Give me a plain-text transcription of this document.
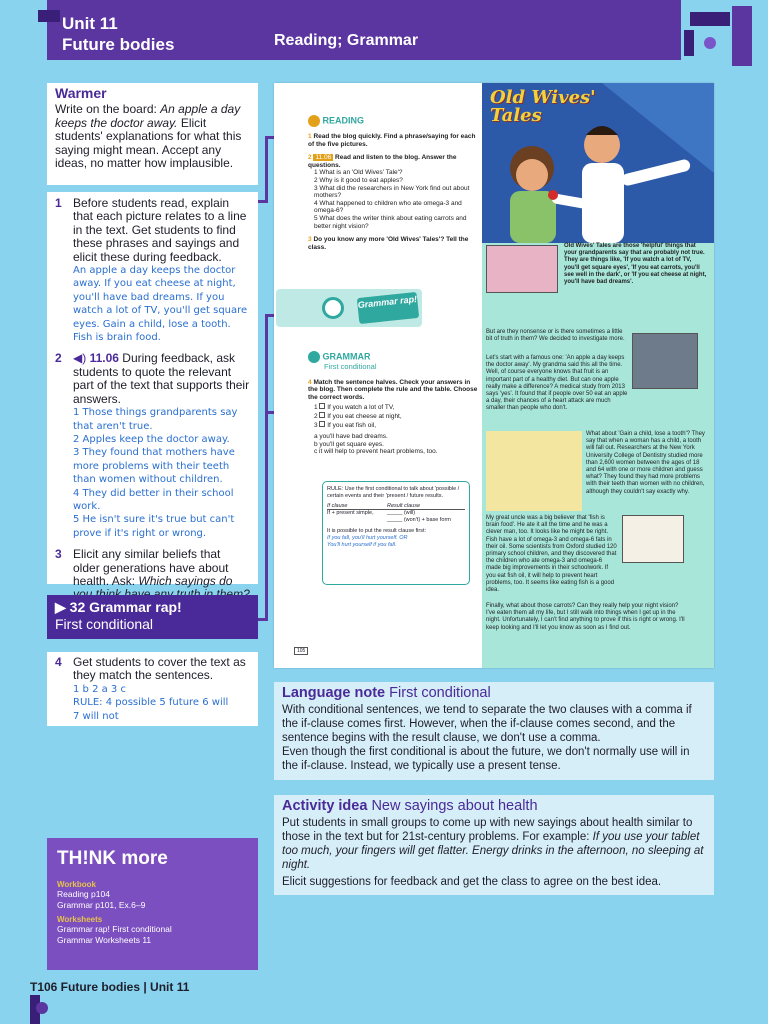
Unit 11
Future bodies	Reading; Grammar
Warmer
Write on the board: An apple a day keeps the doctor away. Elicit students' explanations for what this saying might mean. Accept any ideas, no matter how implausible.
1 Before students read, explain that each picture relates to a line in the text. Get students to find these phrases and sayings and elicit these during feedback.
An apple a day keeps the doctor away. If you eat cheese at night, you'll have bad dreams. If you watch a lot of TV, you'll get square eyes. Gain a child, lose a tooth. Fish is brain food.
2 ◀) 11.06 During feedback, ask students to quote the relevant part of the text that supports their answers.
1 Those things grandparents say that aren't true.
2 Apples keep the doctor away.
3 They found that mothers have more problems with their teeth than women without children.
4 They did better in their school work.
5 He isn't sure it's true but can't prove if it's right or wrong.
3 Elicit any similar beliefs that older generations have about health. Ask: Which sayings do
▶ 32 Grammar rap!
First conditional
4 Get students to cover the text as they match the sentences.
1 b 2 a 3 c
RULE: 4 possible 5 future 6 will
7 will not
TH!NK more
Workbook
Reading p104
Grammar p101, Ex.6–9
Worksheets
Grammar rap! First conditional
Grammar Worksheets 11
T106 Future bodies | Unit 11
READING
1 Read the blog quickly. Find a phrase/saying for each of the five pictures.
2 11.06 Read and listen to the blog. Answer the questions.
1 What is an 'Old Wives' Tale'?
2 Why is it good to eat apples?
3 What did the researchers in New York find out about mothers?
4 What happened to children who ate omega-3 and omega-6?
5 What does the writer think about eating carrots and better night vision?
3 Do you know any more 'Old Wives' Tales'? Tell the class.
Grammar rap!
GRAMMAR
First conditional
4 Match the sentence halves. Check your answers in the blog. Then complete the rule and the table. Choose the correct words.
1  If you watch a lot of TV,
2  If you eat cheese at night,
3  If you eat fish oil,
a you'll have bad dreams.
b you'll get square eyes.
c it will help to prevent heart problems, too.
RULE: Use the first conditional to talk about 'possible / certain events and their 'present / future results.
If clause	Result clause
If + present simple,	_____ (will)
_____ (won't) + base form
It is possible to put the result clause first:
If you fall, you'll hurt yourself. OR
You'll hurt yourself if you fall.
105
Old Wives' Tales
Old Wives' Tales are those 'helpful' things that your grandparents say that are probably not true. They are things like, 'If you watch a lot of TV, you'll get square eyes', 'If you eat carrots, you'll see well in the dark', or 'If you eat cheese at night, you'll have bad dreams'.
But are they nonsense or is there sometimes a little bit of truth in them? We decided to investigate more.
Let's start with a famous one: 'An apple a day keeps the doctor away'. My grandma said this all the time. Well, of course everyone knows that fruit is an important part of a healthy diet. But can one apple really make a difference? A medical study from 2013 says 'yes'. It found that if people over 50 eat an apple a day, their chances of a heart attack are much smaller than people who don't.
What about 'Gain a child, lose a tooth'? They say that when a woman has a child, a tooth will fall out. Researchers at the New York University College of Dentistry studied more than 2,600 women between the ages of 18 and 64 with one or more children and guess what? They found they had more problems with their teeth than women with no children, although they couldn't say exactly why.
My great uncle was a big believer that 'fish is brain food'. He ate it all the time and he was a clever man, too. It looks like he might be right. Fish have a lot of omega-3 and omega-6 fats in their oil. Some scientists from Oxford studied 120 primary school children, and they discovered that the children who ate omega-3 and omega-6 made big improvements in their schoolwork. If you eat fish oil, it will help to prevent heart problems, too. It seems like eating fish is a good idea.
Finally, what about those carrots? Can they really help your night vision? I've eaten them all my life, but I still walk into things when I get up in the night. Unfortunately, I can't find anything to prove if this is right or wrong. I'll keep looking and I'll let you know as soon as I find out.
Language note First conditional
With conditional sentences, we tend to separate the two clauses with a comma if the if-clause comes first. However, when the if-clause comes second, and the sentence begins with the result clause, we don't use a comma.
Even though the first conditional is about the future, we don't normally use will in the if-clause. Instead, we typically use a present tense.
Activity idea New sayings about health
Put students in small groups to come up with new sayings about health similar to those in the text but for 21st-century problems. For example: If you use your tablet too much, your fingers will get flatter. Energy drinks in the afternoon, no sleeping at night.
Elicit suggestions for feedback and get the class to agree on the best idea.
